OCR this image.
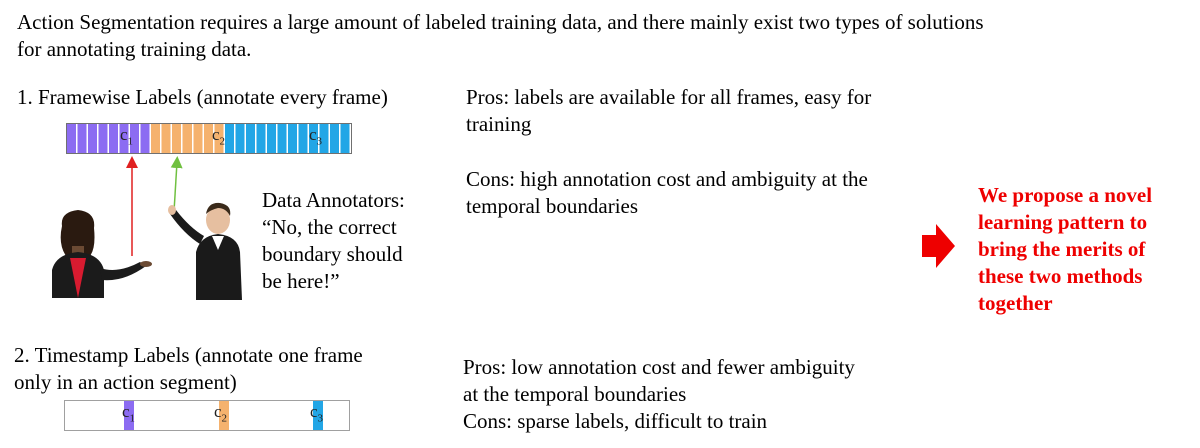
Action Segmentation requires a large amount of labeled training data, and there mainly exist two types of solutions
for annotating training data.
1. Framewise Labels (annotate every frame)
$c_1$	$c_2$	$c_3$
Pros: labels are available for all frames, easy for
training
Cons: high annotation cost and ambiguity at the
temporal boundaries
Data Annotators:
“No, the correct
boundary should
be here!”
We propose a novel
learning pattern to
bring the merits of
these two methods
together
2. Timestamp Labels (annotate one frame
only in an action segment)
$c_1$	$c_2$	$c_3$
Pros: low annotation cost and fewer ambiguity
at the temporal boundaries
Cons: sparse labels, difficult to train
